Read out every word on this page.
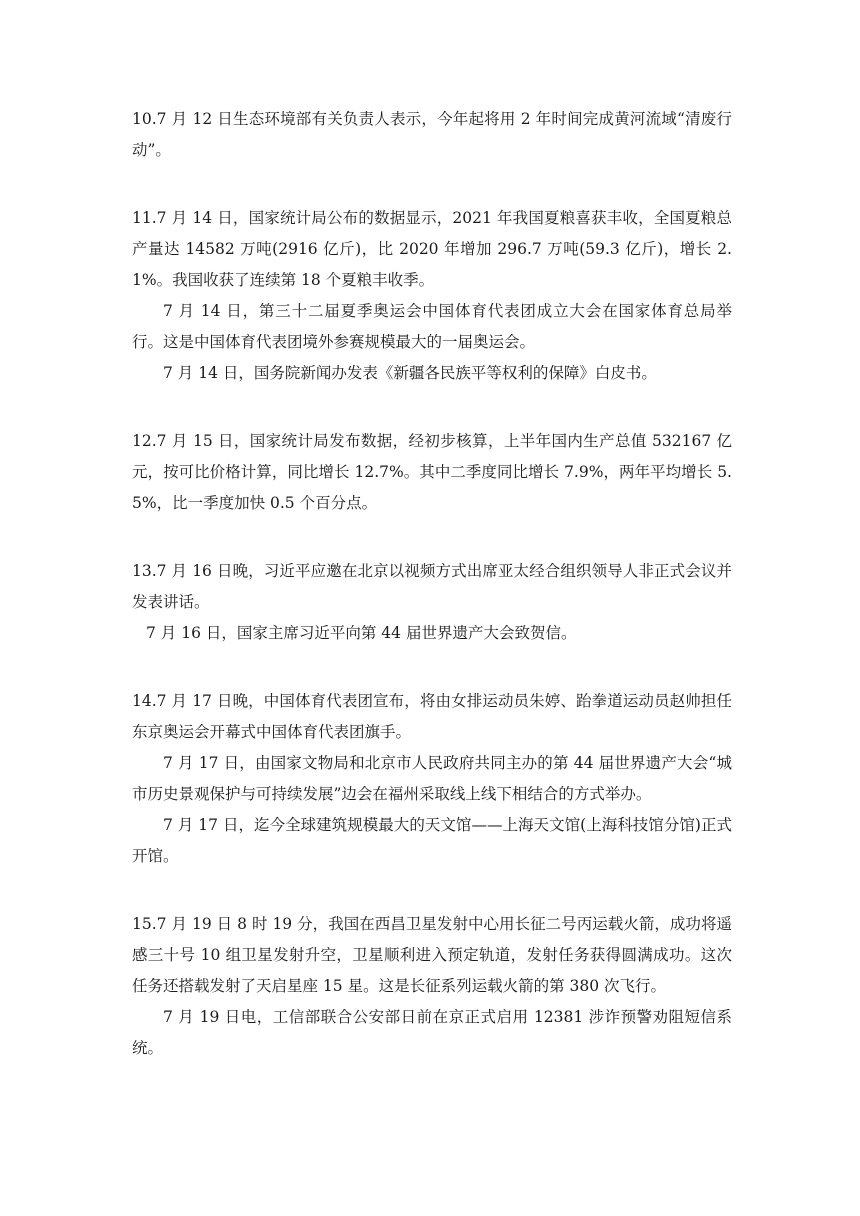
10.7 月 12 日生态环境部有关负责人表示，今年起将用 2 年时间完成黄河流域“清废行动”。

11.7 月 14 日，国家统计局公布的数据显示，2021 年我国夏粮喜获丰收，全国夏粮总产量达 14582 万吨(2916 亿斤)，比 2020 年增加 296.7 万吨(59.3 亿斤)，增长 2.1%。我国收获了连续第 18 个夏粮丰收季。

7 月 14 日，第三十二届夏季奥运会中国体育代表团成立大会在国家体育总局举行。这是中国体育代表团境外参赛规模最大的一届奥运会。

7 月 14 日，国务院新闻办发表《新疆各民族平等权利的保障》白皮书。

12.7 月 15 日，国家统计局发布数据，经初步核算，上半年国内生产总值 532167 亿元，按可比价格计算，同比增长 12.7%。其中二季度同比增长 7.9%，两年平均增长 5.5%，比一季度加快 0.5 个百分点。

13.7 月 16 日晚，习近平应邀在北京以视频方式出席亚太经合组织领导人非正式会议并发表讲话。

7 月 16 日，国家主席习近平向第 44 届世界遗产大会致贺信。

14.7 月 17 日晚，中国体育代表团宣布，将由女排运动员朱婷、跆拳道运动员赵帅担任东京奥运会开幕式中国体育代表团旗手。

7 月 17 日，由国家文物局和北京市人民政府共同主办的第 44 届世界遗产大会“城市历史景观保护与可持续发展”边会在福州采取线上线下相结合的方式举办。

7 月 17 日，迄今全球建筑规模最大的天文馆——上海天文馆(上海科技馆分馆)正式开馆。

15.7 月 19 日 8 时 19 分，我国在西昌卫星发射中心用长征二号丙运载火箭，成功将遥感三十号 10 组卫星发射升空，卫星顺利进入预定轨道，发射任务获得圆满成功。这次任务还搭载发射了天启星座 15 星。这是长征系列运载火箭的第 380 次飞行。

7 月 19 日电，工信部联合公安部日前在京正式启用 12381 涉诈预警劝阻短信系统。
